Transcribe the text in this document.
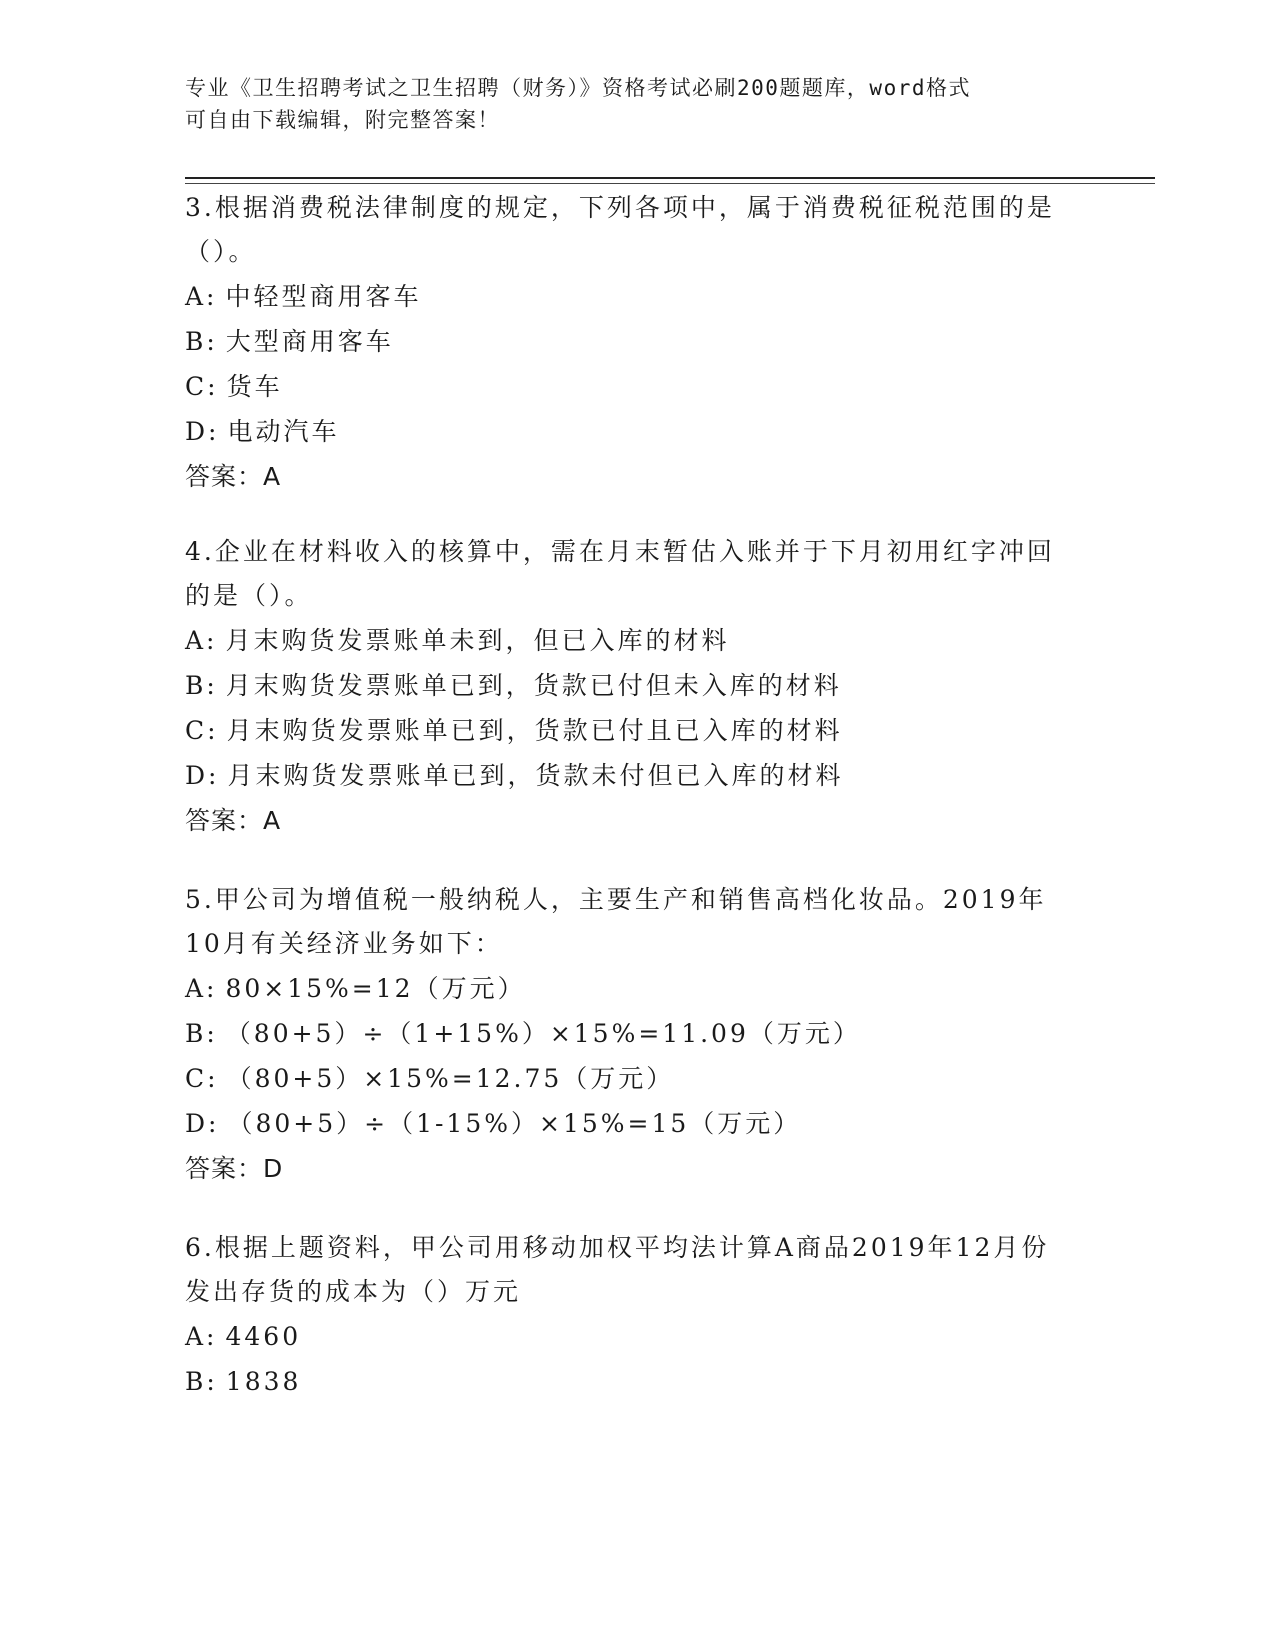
专业《卫生招聘考试之卫生招聘（财务）》资格考试必刷200题题库，word格式
可自由下载编辑，附完整答案！

3.根据消费税法律制度的规定，下列各项中，属于消费税征税范围的是（）。

A: 中轻型商用客车

B: 大型商用客车

C: 货车

D: 电动汽车

答案：A

4.企业在材料收入的核算中，需在月末暂估入账并于下月初用红字冲回的是（）。

A: 月末购货发票账单未到，但已入库的材料

B: 月末购货发票账单已到，货款已付但未入库的材料

C: 月末购货发票账单已到，货款已付且已入库的材料

D: 月末购货发票账单已到，货款未付但已入库的材料

答案：A

5.甲公司为增值税一般纳税人，主要生产和销售高档化妆品。2019年10月有关经济业务如下：

A: 80×15%=12（万元）

B: （80+5）÷（1+15%）×15%=11.09（万元）

C: （80+5）×15%=12.75（万元）

D: （80+5）÷（1-15%）×15%=15（万元）

答案：D

6.根据上题资料，甲公司用移动加权平均法计算A商品2019年12月份发出存货的成本为（）万元

A: 4460

B: 1838
